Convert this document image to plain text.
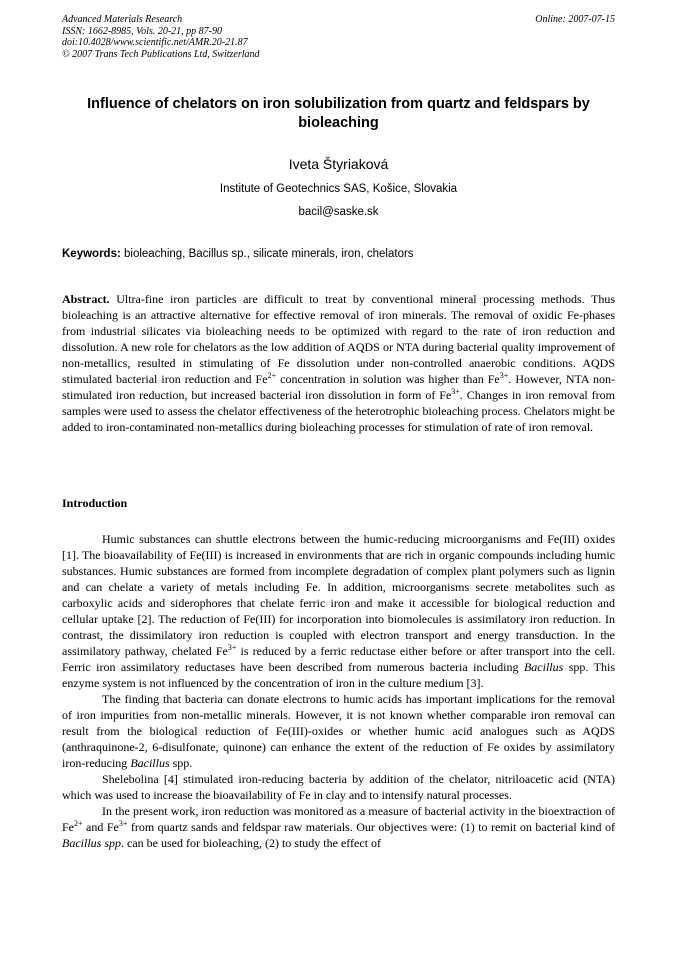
Advanced Materials Research
ISSN: 1662-8985, Vols. 20-21, pp 87-90
doi:10.4028/www.scientific.net/AMR.20-21.87
© 2007 Trans Tech Publications Ltd, Switzerland
Online: 2007-07-15
Influence of chelators on iron solubilization from quartz and feldspars by bioleaching
Iveta Štyriaková
Institute of Geotechnics SAS, Košice, Slovakia
bacil@saske.sk
Keywords: bioleaching, Bacillus sp., silicate minerals, iron, chelators
Abstract. Ultra-fine iron particles are difficult to treat by conventional mineral processing methods. Thus bioleaching is an attractive alternative for effective removal of iron minerals. The removal of oxidic Fe-phases from industrial silicates via bioleaching needs to be optimized with regard to the rate of iron reduction and dissolution. A new role for chelators as the low addition of AQDS or NTA during bacterial quality improvement of non-metallics, resulted in stimulating of Fe dissolution under non-controlled anaerobic conditions. AQDS stimulated bacterial iron reduction and $Fe^{2+}$ concentration in solution was higher than $Fe^{3+}$. However, NTA non-stimulated iron reduction, but increased bacterial iron dissolution in form of $Fe^{3+}$. Changes in iron removal from samples were used to assess the chelator effectiveness of the heterotrophic bioleaching process. Chelators might be added to iron-contaminated non-metallics during bioleaching processes for stimulation of rate of iron removal.
Introduction

Humic substances can shuttle electrons between the humic-reducing microorganisms and Fe(III) oxides [1]. The bioavailability of Fe(III) is increased in environments that are rich in organic compounds including humic substances. Humic substances are formed from incomplete degradation of complex plant polymers such as lignin and can chelate a variety of metals including Fe. In addition, microorganisms secrete metabolites such as carboxylic acids and siderophores that chelate ferric iron and make it accessible for biological reduction and cellular uptake [2]. The reduction of Fe(III) for incorporation into biomolecules is assimilatory iron reduction. In contrast, the dissimilatory iron reduction is coupled with electron transport and energy transduction. In the assimilatory pathway, chelated $Fe^{3+}$ is reduced by a ferric reductase either before or after transport into the cell. Ferric iron assimilatory reductases have been described from numerous bacteria including Bacillus spp. This enzyme system is not influenced by the concentration of iron in the culture medium [3].

The finding that bacteria can donate electrons to humic acids has important implications for the removal of iron impurities from non-metallic minerals. However, it is not known whether comparable iron removal can result from the biological reduction of Fe(III)-oxides or whether humic acid analogues such as AQDS (anthraquinone-2, 6-disulfonate, quinone) can enhance the extent of the reduction of Fe oxides by assimilatory iron-reducing Bacillus spp.

Shelebolina [4] stimulated iron-reducing bacteria by addition of the chelator, nitriloacetic acid (NTA) which was used to increase the bioavailability of Fe in clay and to intensify natural processes.

In the present work, iron reduction was monitored as a measure of bacterial activity in the bioextraction of $Fe^{2+}$ and $Fe^{3+}$ from quartz sands and feldspar raw materials. Our objectives were: (1) to remit on bacterial kind of Bacillus spp. can be used for bioleaching, (2) to study the effect of
